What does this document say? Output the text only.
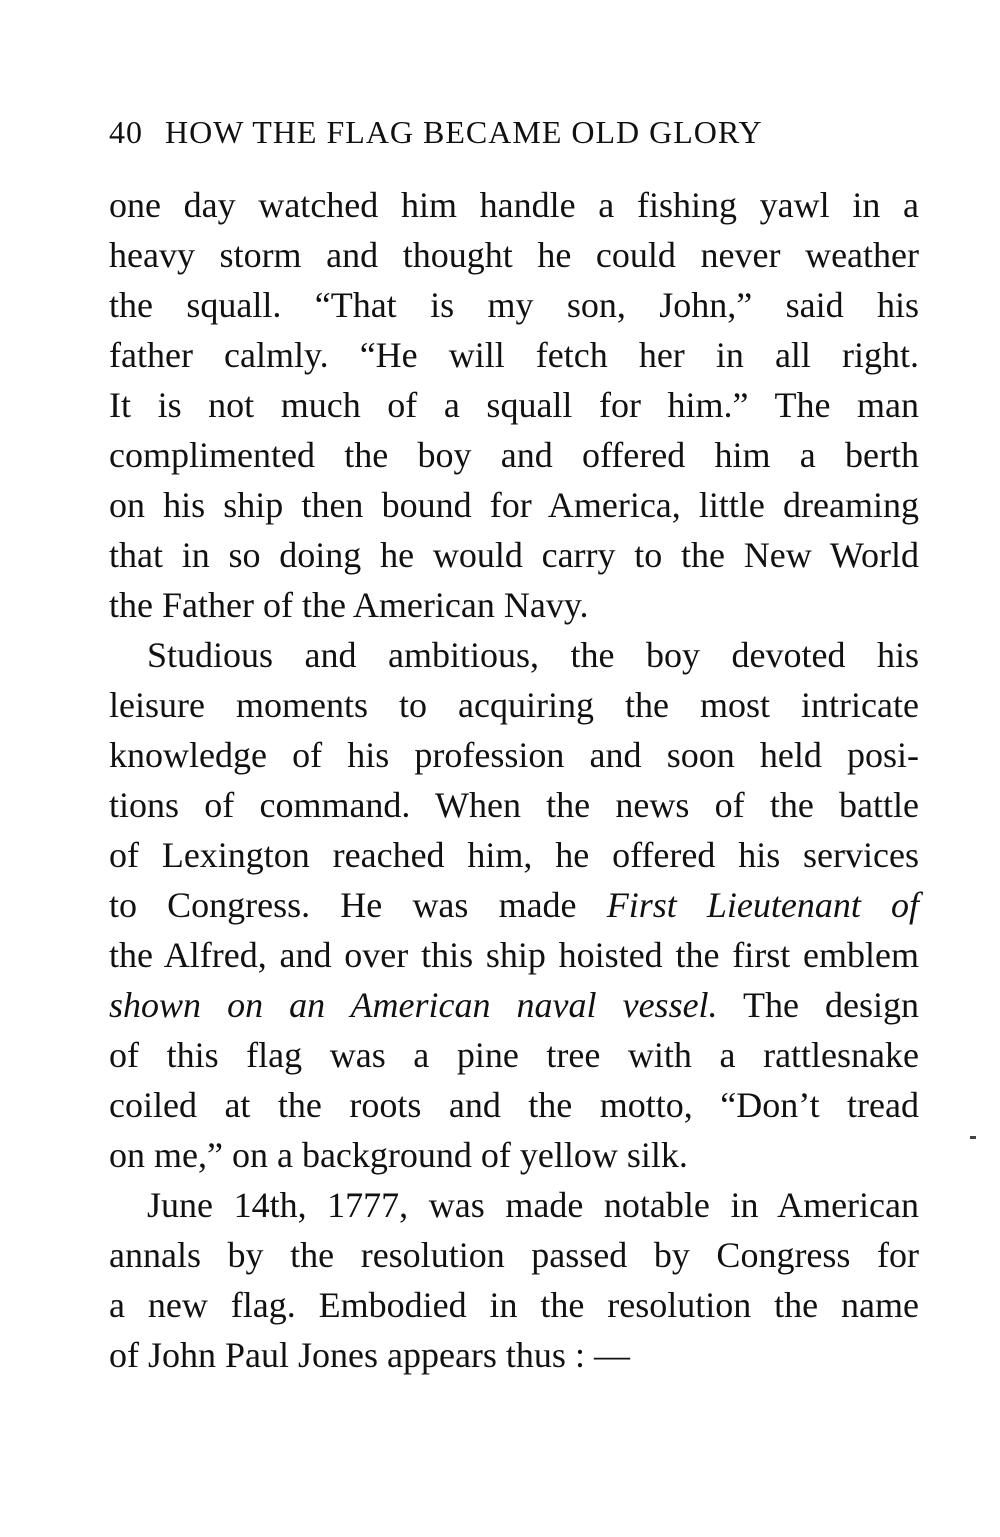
40 HOW THE FLAG BECAME OLD GLORY
one day watched him handle a fishing yawl in a
heavy storm and thought he could never weather
the squall. “That is my son, John,” said his
father calmly. “He will fetch her in all right.
It is not much of a squall for him.” The man
complimented the boy and offered him a berth
on his ship then bound for America, little dreaming
that in so doing he would carry to the New World
the Father of the American Navy.
Studious and ambitious, the boy devoted his
leisure moments to acquiring the most intricate
knowledge of his profession and soon held posi-
tions of command. When the news of the battle
of Lexington reached him, he offered his services
to Congress. He was made First Lieutenant of
the Alfred, and over this ship hoisted the first emblem
shown on an American naval vessel. The design
of this flag was a pine tree with a rattlesnake
coiled at the roots and the motto, “Don’t tread
on me,” on a background of yellow silk.
June 14th, 1777, was made notable in American
annals by the resolution passed by Congress for
a new flag. Embodied in the resolution the name
of John Paul Jones appears thus : —
